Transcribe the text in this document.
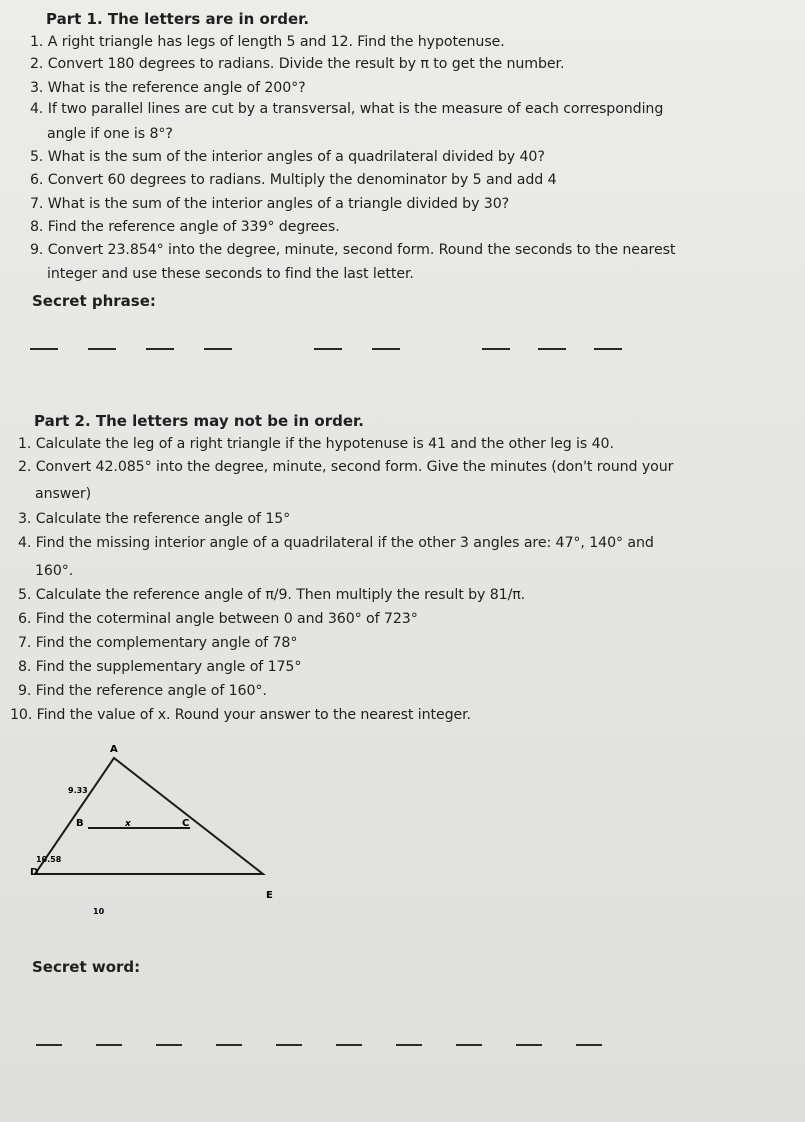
Part 1. The letters are in order.
1. A right triangle has legs of length 5 and 12. Find the hypotenuse.
2. Convert 180 degrees to radians. Divide the result by π to get the number.
3. What is the reference angle of 200°?
4. If two parallel lines are cut by a transversal, what is the measure of each corresponding
angle if one is 8°?
5. What is the sum of the interior angles of a quadrilateral divided by 40?
6. Convert 60 degrees to radians. Multiply the denominator by 5 and add 4
7. What is the sum of the interior angles of a triangle divided by 30?
8. Find the reference angle of 339° degrees.
9. Convert 23.854° into the degree, minute, second form. Round the seconds to the nearest
integer and use these seconds to find the last letter.
Secret phrase:
Part 2. The letters may not be in order.
1. Calculate the leg of a right triangle if the hypotenuse is 41 and the other leg is 40.
2. Convert 42.085° into the degree, minute, second form. Give the minutes (don't round your
answer)
3. Calculate the reference angle of 15°
4. Find the missing interior angle of a quadrilateral if the other 3 angles are: 47°, 140° and
160°.
5. Calculate the reference angle of π/9. Then multiply the result by 81/π.
6. Find the coterminal angle between 0 and 360° of 723°
7. Find the complementary angle of 78°
8. Find the supplementary angle of 175°
9. Find the reference angle of 160°.
10. Find the value of x. Round your answer to the nearest integer.
A
9.33
B	x	C
10.58
D
E
10
Secret word:
